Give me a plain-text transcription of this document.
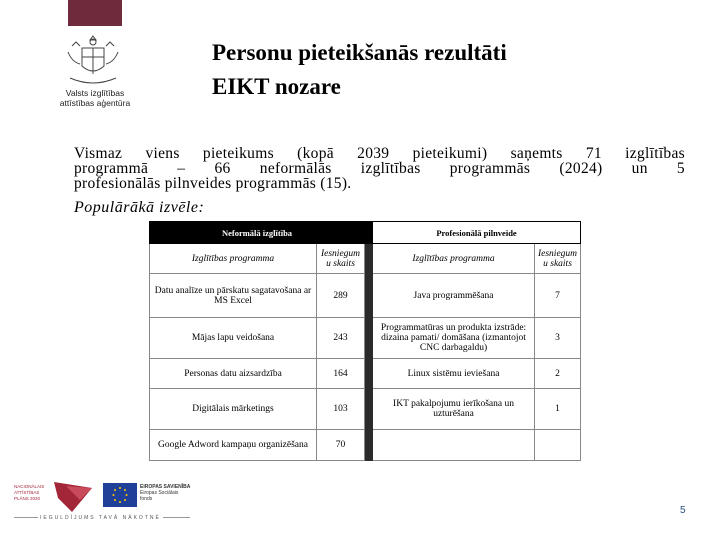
Valsts izglītības
attīstības aģentūra
Personu pieteikšanās rezultāti
EIKT nozare
Vismaz viens pieteikums (kopā 2039 pieteikumi) saņemts 71 izglītības
programmā – 66 neformālās izglītības programmās (2024) un 5
profesionālās pilnveides programmās (15).
Populārākā izvēle:
Neformālā izglītība			Profesionālā pilnveide	
Izglītības programma	Iesniegum u skaits		Izglītības programma	Iesniegum u skaits
Datu analīze un pārskatu sagatavošana ar MS Excel	289		Java programmēšana	7
Mājas lapu veidošana	243		Programmatūras un produkta izstrāde: dizaina pamati/ domāšana (izmantojot CNC darbagaldu)	3
Personas datu aizsardzība	164		Linux sistēmu ieviešana	2
Digitālais mārketings	103		IKT pakalpojumu ierīkošana un uzturēšana	1
Google Adword kampaņu organizēšana	70			
NACIONĀLAIS
ATTĪSTĪBAS
PLĀNS 2020
EIROPAS SAVIENĪBA
Eiropas Sociālais
fonds
IEGULDĪJUMS TAVĀ NĀKOTNĒ
5
